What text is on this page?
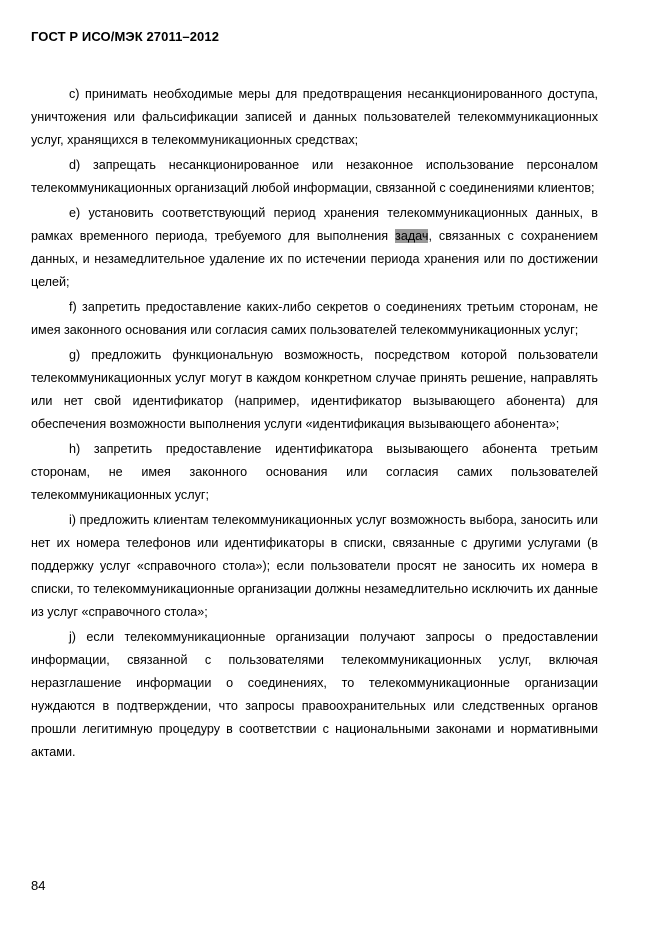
ГОСТ Р ИСО/МЭК 27011–2012

c) принимать необходимые меры для предотвращения несанкционированного доступа, уничтожения или фальсификации записей и данных пользователей телекоммуникационных услуг, хранящихся в телекоммуникационных средствах;

d) запрещать несанкционированное или незаконное использование персоналом телекоммуникационных организаций любой информации, связанной с соединениями клиентов;

e) установить соответствующий период хранения телекоммуникационных данных, в рамках временного периода, требуемого для выполнения задач, связанных с сохранением данных, и незамедлительное удаление их по истечении периода хранения или по достижении целей;

f) запретить предоставление каких-либо секретов о соединениях третьим сторонам, не имея законного основания или согласия самих пользователей телекоммуникационных услуг;

g) предложить функциональную возможность, посредством которой пользователи телекоммуникационных услуг могут в каждом конкретном случае принять решение, направлять или нет свой идентификатор (например, идентификатор вызывающего абонента) для обеспечения возможности выполнения услуги «идентификация вызывающего абонента»;

h) запретить предоставление идентификатора вызывающего абонента третьим сторонам, не имея законного основания или согласия самих пользователей телекоммуникационных услуг;

i) предложить клиентам телекоммуникационных услуг возможность выбора, заносить или нет их номера телефонов или идентификаторы в списки, связанные с другими услугами (в поддержку услуг «справочного стола»); если пользователи просят не заносить их номера в списки, то телекоммуникационные организации должны незамедлительно исключить их данные из услуг «справочного стола»;

j) если телекоммуникационные организации получают запросы о предоставлении информации, связанной с пользователями телекоммуникационных услуг, включая неразглашение информации о соединениях, то телекоммуникационные организации нуждаются в подтверждении, что запросы правоохранительных или следственных органов прошли легитимную процедуру в соответствии с национальными законами и нормативными актами.

84
